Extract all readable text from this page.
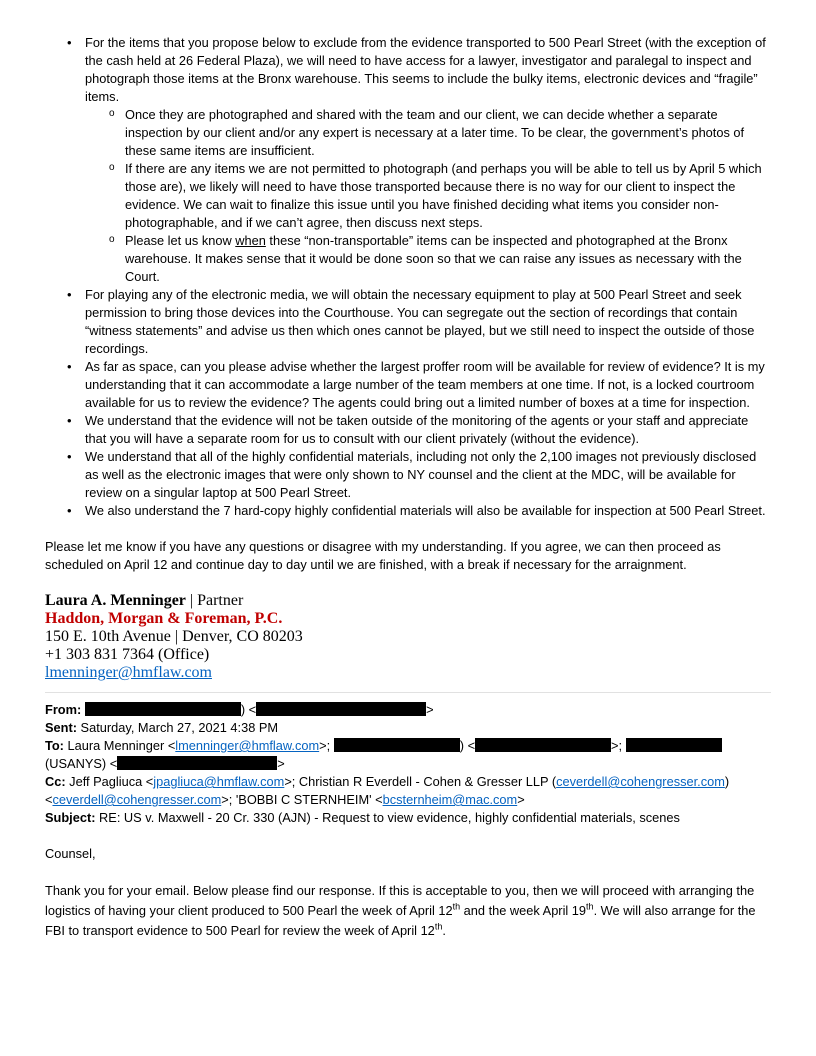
• For the items that you propose below to exclude from the evidence transported to 500 Pearl Street (with the exception of the cash held at 26 Federal Plaza), we will need to have access for a lawyer, investigator and paralegal to inspect and photograph those items at the Bronx warehouse. This seems to include the bulky items, electronic devices and “fragile” items.
o Once they are photographed and shared with the team and our client, we can decide whether a separate inspection by our client and/or any expert is necessary at a later time. To be clear, the government’s photos of these same items are insufficient.
o If there are any items we are not permitted to photograph (and perhaps you will be able to tell us by April 5 which those are), we likely will need to have those transported because there is no way for our client to inspect the evidence. We can wait to finalize this issue until you have finished deciding what items you consider non-photographable, and if we can’t agree, then discuss next steps.
o Please let us know when these “non-transportable” items can be inspected and photographed at the Bronx warehouse. It makes sense that it would be done soon so that we can raise any issues as necessary with the Court.
• For playing any of the electronic media, we will obtain the necessary equipment to play at 500 Pearl Street and seek permission to bring those devices into the Courthouse. You can segregate out the section of recordings that contain “witness statements” and advise us then which ones cannot be played, but we still need to inspect the outside of those recordings.
• As far as space, can you please advise whether the largest proffer room will be available for review of evidence? It is my understanding that it can accommodate a large number of the team members at one time. If not, is a locked courtroom available for us to review the evidence? The agents could bring out a limited number of boxes at a time for inspection.
• We understand that the evidence will not be taken outside of the monitoring of the agents or your staff and appreciate that you will have a separate room for us to consult with our client privately (without the evidence).
• We understand that all of the highly confidential materials, including not only the 2,100 images not previously disclosed as well as the electronic images that were only shown to NY counsel and the client at the MDC, will be available for review on a singular laptop at 500 Pearl Street.
• We also understand the 7 hard-copy highly confidential materials will also be available for inspection at 500 Pearl Street.

Please let me know if you have any questions or disagree with my understanding. If you agree, we can then proceed as scheduled on April 12 and continue day to day until we are finished, with a break if necessary for the arraignment.

Laura A. Menninger | Partner
Haddon, Morgan & Foreman, P.C.
150 E. 10th Avenue | Denver, CO 80203
+1 303 831 7364 (Office)
lmenninger@hmflaw.com
From:	) <	>
Sent: Saturday, March 27, 2021 4:38 PM
To: Laura Menninger <lmenninger@hmflaw.com>;	) <	>;
(USANYS) <	>
Cc: Jeff Pagliuca <jpagliuca@hmflaw.com>; Christian R Everdell - Cohen & Gresser LLP (ceverdell@cohengresser.com)
<ceverdell@cohengresser.com>; 'BOBBI C STERNHEIM' <bcsternheim@mac.com>
Subject: RE: US v. Maxwell - 20 Cr. 330 (AJN) - Request to view evidence, highly confidential materials, scenes

Counsel,

Thank you for your email. Below please find our response. If this is acceptable to you, then we will proceed with arranging the logistics of having your client produced to 500 Pearl the week of April 12th and the week April 19th. We will also arrange for the FBI to transport evidence to 500 Pearl for review the week of April 12th.
